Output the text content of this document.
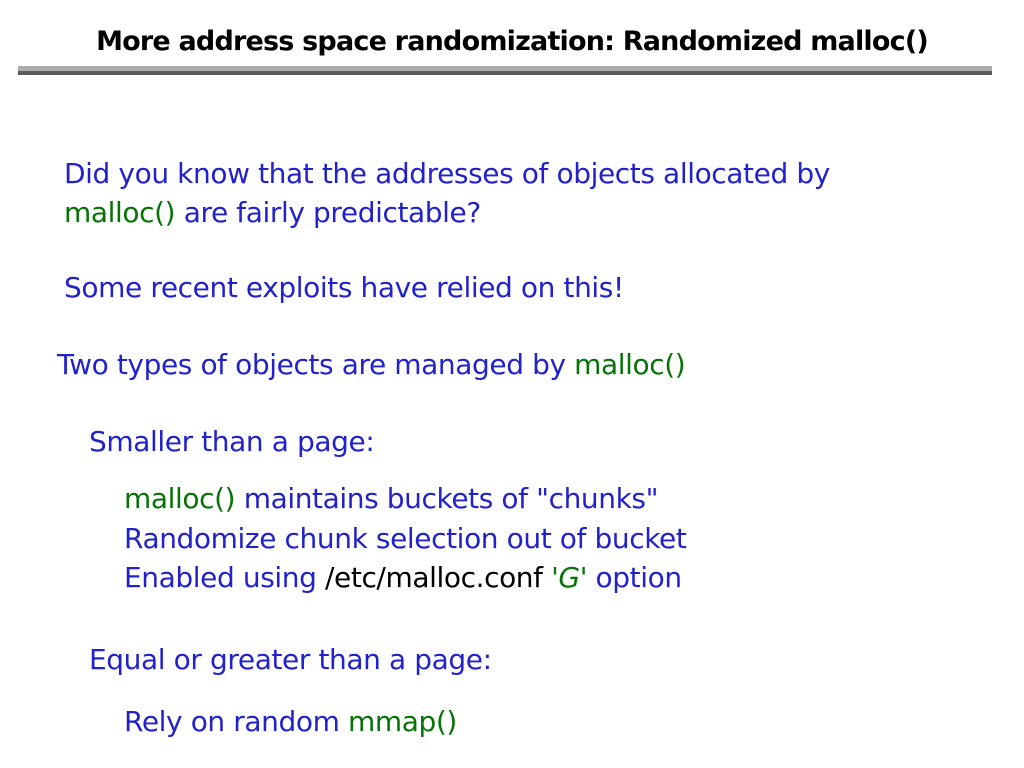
More address space randomization: Randomized malloc()

Did you know that the addresses of objects allocated by

malloc() are fairly predictable?

Some recent exploits have relied on this!

Two types of objects are managed by malloc()

Smaller than a page:

malloc() maintains buckets of "chunks"

Randomize chunk selection out of bucket

Enabled using /etc/malloc.conf 'G' option

Equal or greater than a page:

Rely on random mmap()
